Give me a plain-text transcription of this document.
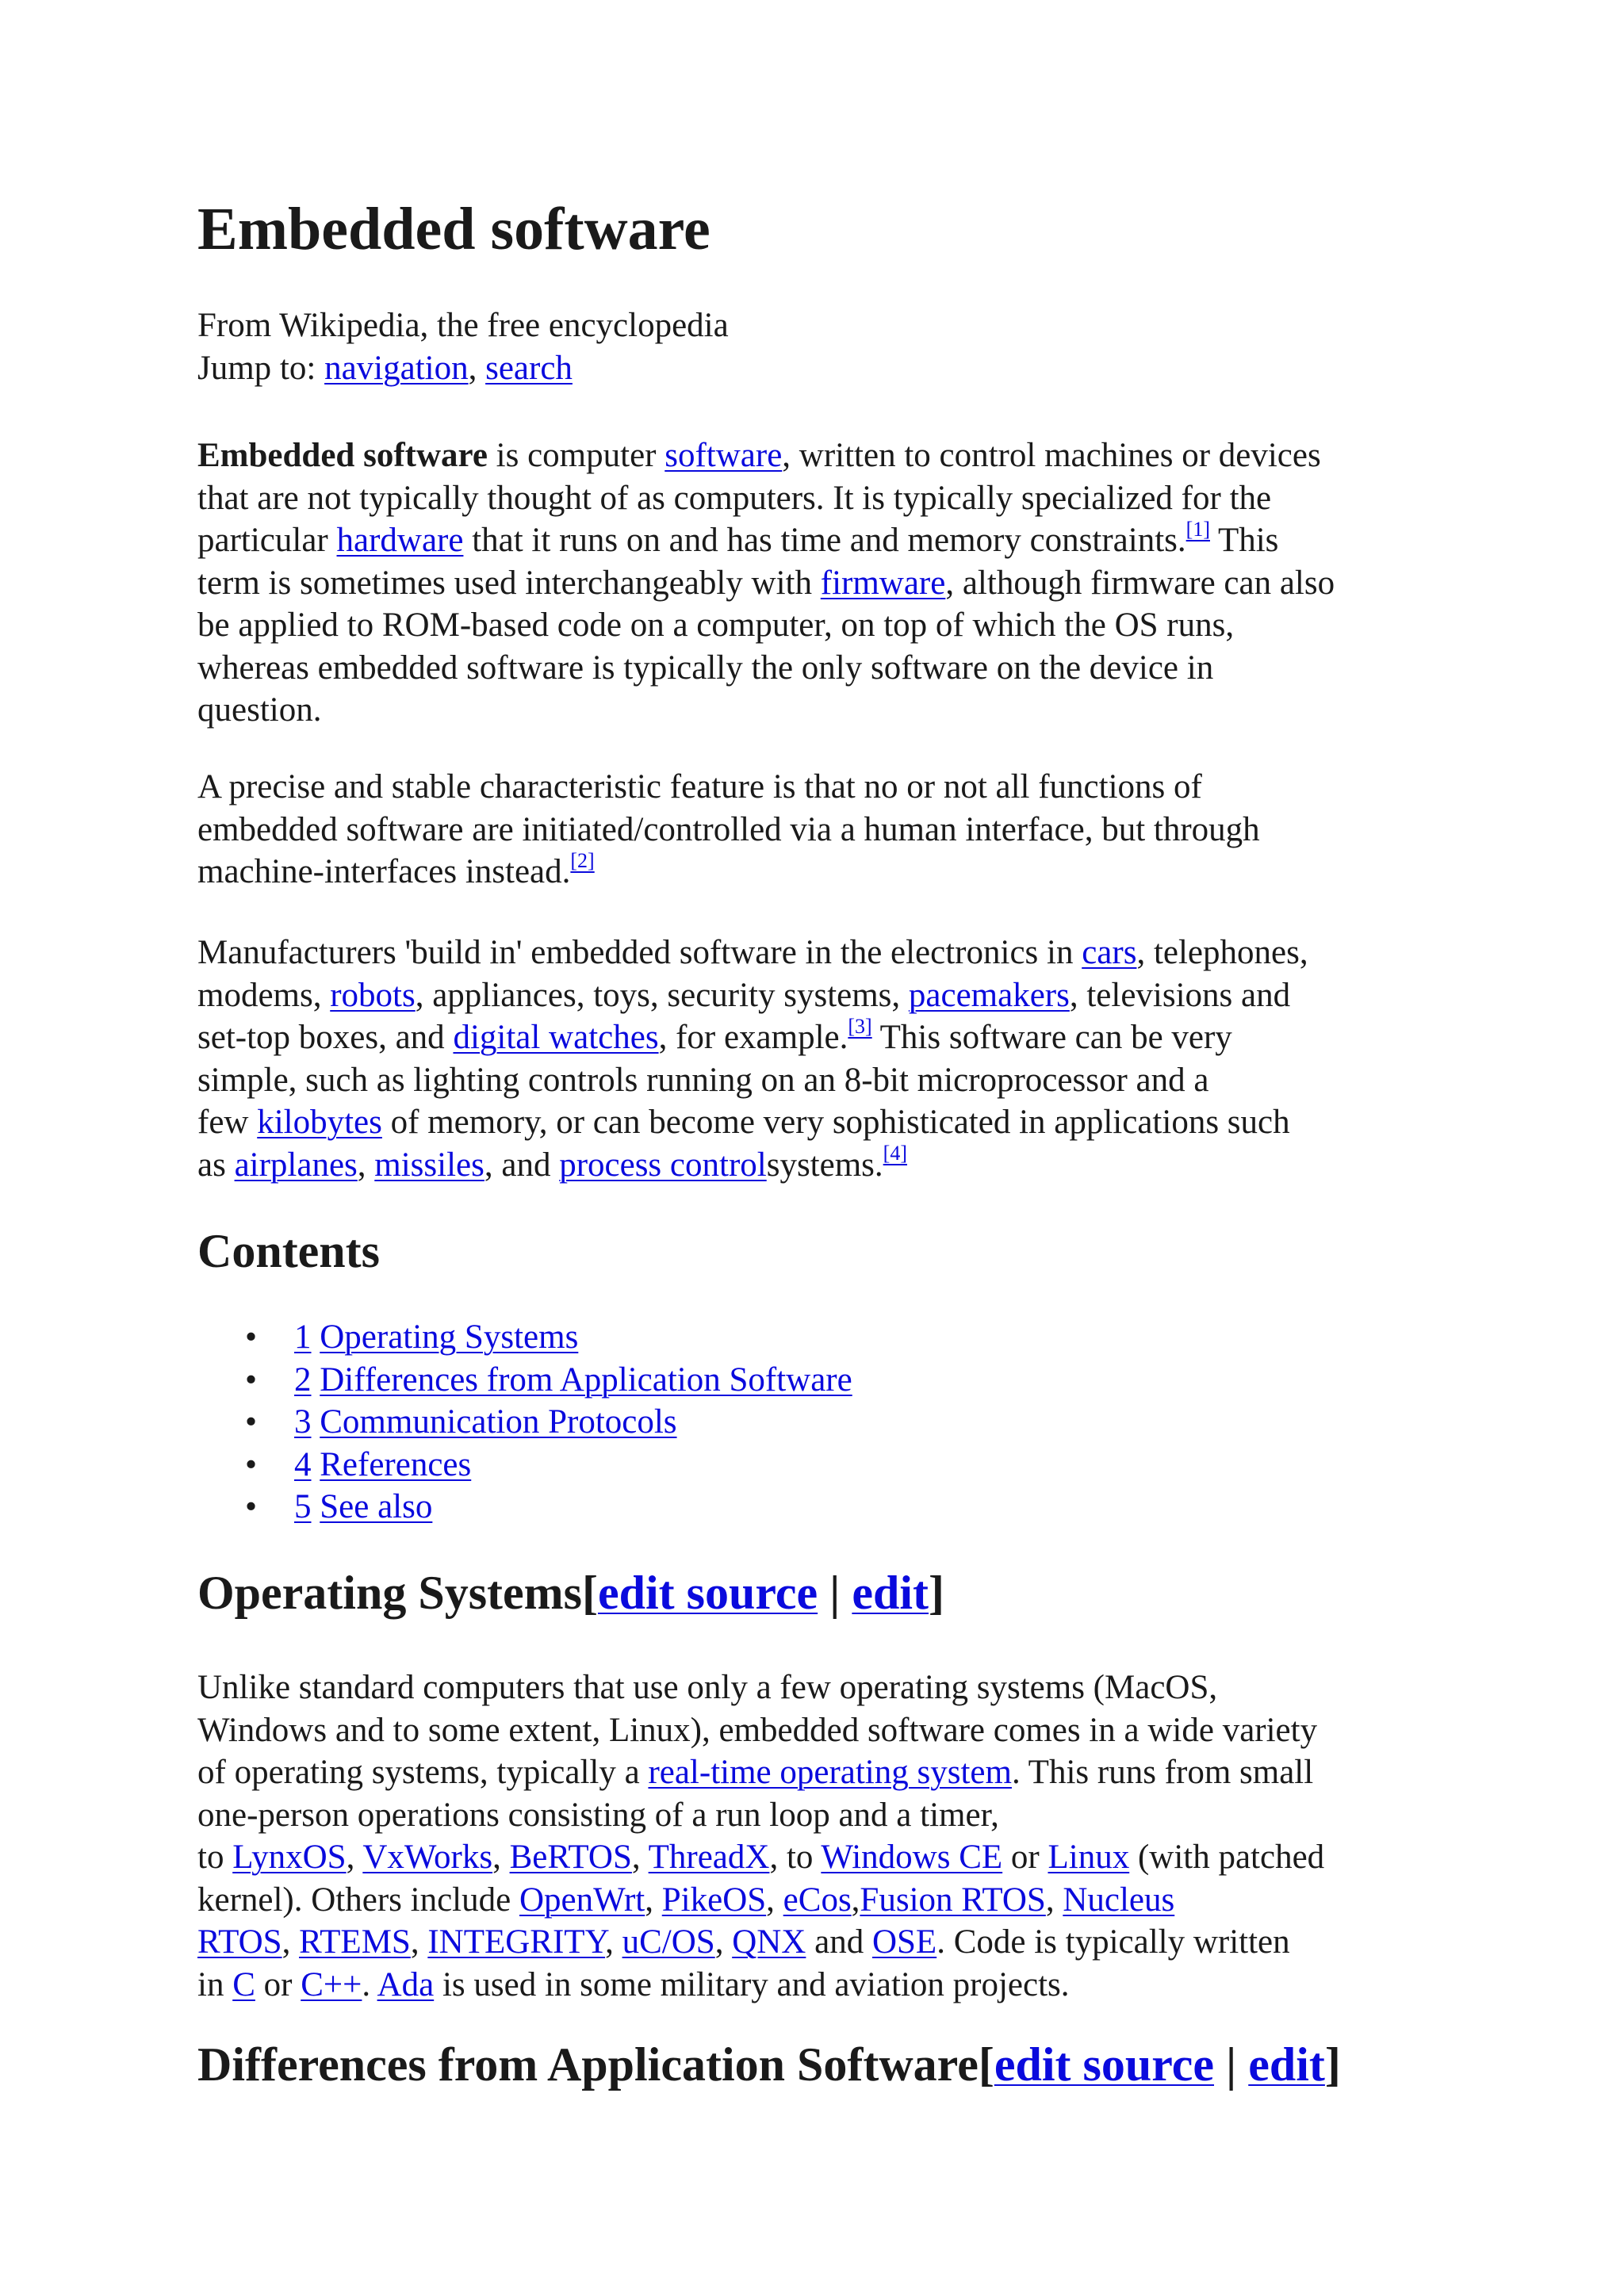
Embedded software
From Wikipedia, the free encyclopedia
Jump to: navigation, search

Embedded software is computer software, written to control machines or devices
that are not typically thought of as computers. It is typically specialized for the
particular hardware that it runs on and has time and memory constraints.[1] This
term is sometimes used interchangeably with firmware, although firmware can also
be applied to ROM-based code on a computer, on top of which the OS runs,
whereas embedded software is typically the only software on the device in
question.

A precise and stable characteristic feature is that no or not all functions of
embedded software are initiated/controlled via a human interface, but through
machine-interfaces instead.[2]

Manufacturers 'build in' embedded software in the electronics in cars, telephones,
modems, robots, appliances, toys, security systems, pacemakers, televisions and
set-top boxes, and digital watches, for example.[3] This software can be very
simple, such as lighting controls running on an 8-bit microprocessor and a
few kilobytes of memory, or can become very sophisticated in applications such
as airplanes, missiles, and process controlsystems.[4]

Contents
• 1 Operating Systems
• 2 Differences from Application Software
• 3 Communication Protocols
• 4 References
• 5 See also
Operating Systems[edit source | edit]

Unlike standard computers that use only a few operating systems (MacOS,
Windows and to some extent, Linux), embedded software comes in a wide variety
of operating systems, typically a real-time operating system. This runs from small
one-person operations consisting of a run loop and a timer,
to LynxOS, VxWorks, BeRTOS, ThreadX, to Windows CE or Linux (with patched
kernel). Others include OpenWrt, PikeOS, eCos,Fusion RTOS, Nucleus
RTOS, RTEMS, INTEGRITY, uC/OS, QNX and OSE. Code is typically written
in C or C++. Ada is used in some military and aviation projects.

Differences from Application Software[edit source | edit]
